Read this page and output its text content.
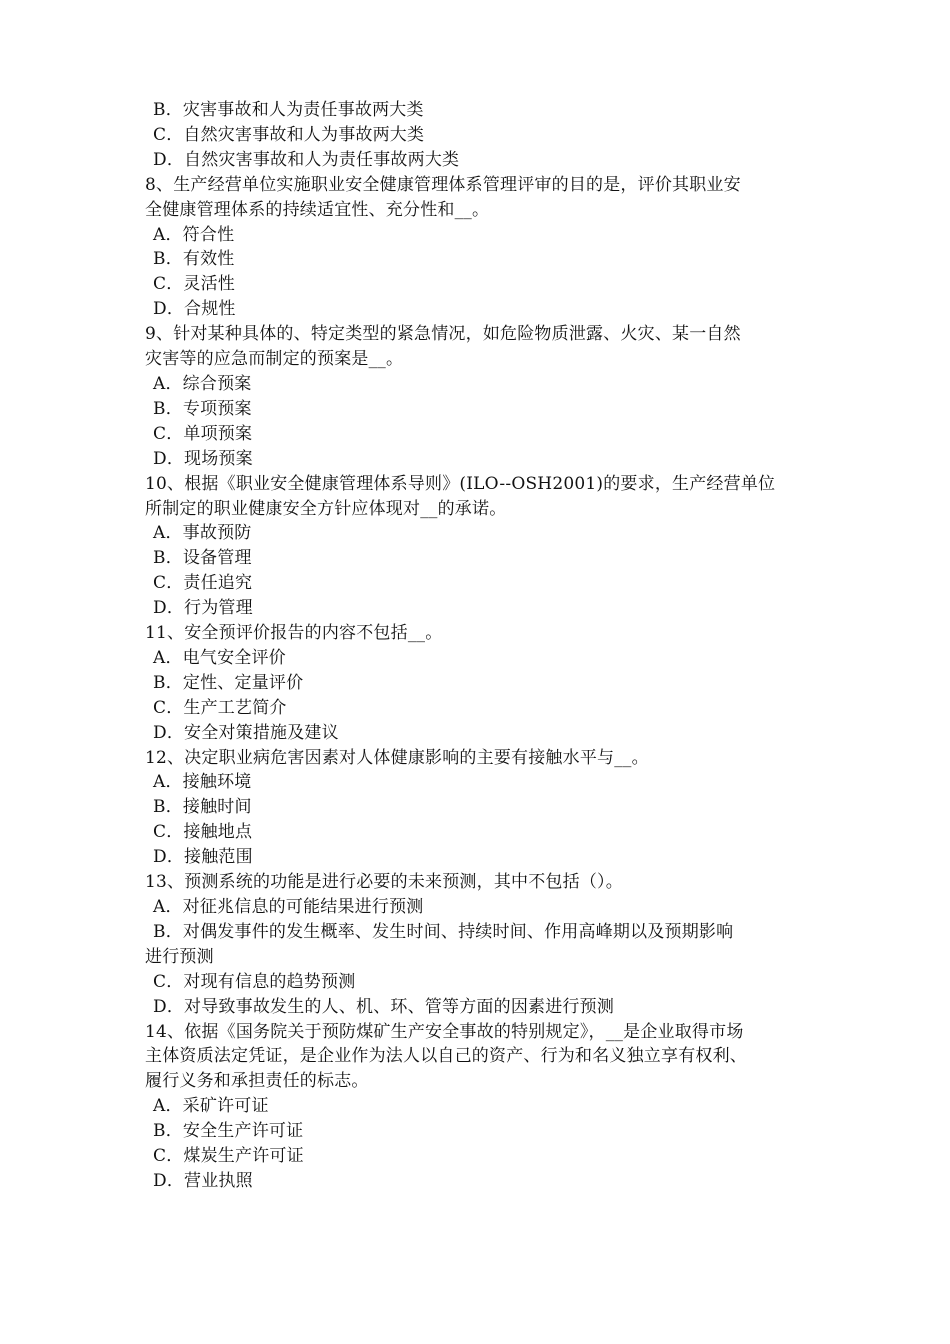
B．灾害事故和人为责任事故两大类
C．自然灾害事故和人为事故两大类
D．自然灾害事故和人为责任事故两大类
8、生产经营单位实施职业安全健康管理体系管理评审的目的是，评价其职业安
全健康管理体系的持续适宜性、充分性和__。
A．符合性
B．有效性
C．灵活性
D．合规性
9、针对某种具体的、特定类型的紧急情况，如危险物质泄露、火灾、某一自然
灾害等的应急而制定的预案是__。
A．综合预案
B．专项预案
C．单项预案
D．现场预案
10、根据《职业安全健康管理体系导则》(ILO--OSH2001)的要求，生产经营单位
所制定的职业健康安全方针应体现对__的承诺。
A．事故预防
B．设备管理
C．责任追究
D．行为管理
11、安全预评价报告的内容不包括__。
A．电气安全评价
B．定性、定量评价
C．生产工艺简介
D．安全对策措施及建议
12、决定职业病危害因素对人体健康影响的主要有接触水平与__。
A．接触环境
B．接触时间
C．接触地点
D．接触范围
13、预测系统的功能是进行必要的未来预测，其中不包括（）。
A．对征兆信息的可能结果进行预测
B．对偶发事件的发生概率、发生时间、持续时间、作用高峰期以及预期影响
进行预测
C．对现有信息的趋势预测
D．对导致事故发生的人、机、环、管等方面的因素进行预测
14、依据《国务院关于预防煤矿生产安全事故的特别规定》，__是企业取得市场
主体资质法定凭证，是企业作为法人以自己的资产、行为和名义独立享有权利、
履行义务和承担责任的标志。
A．采矿许可证
B．安全生产许可证
C．煤炭生产许可证
D．营业执照
